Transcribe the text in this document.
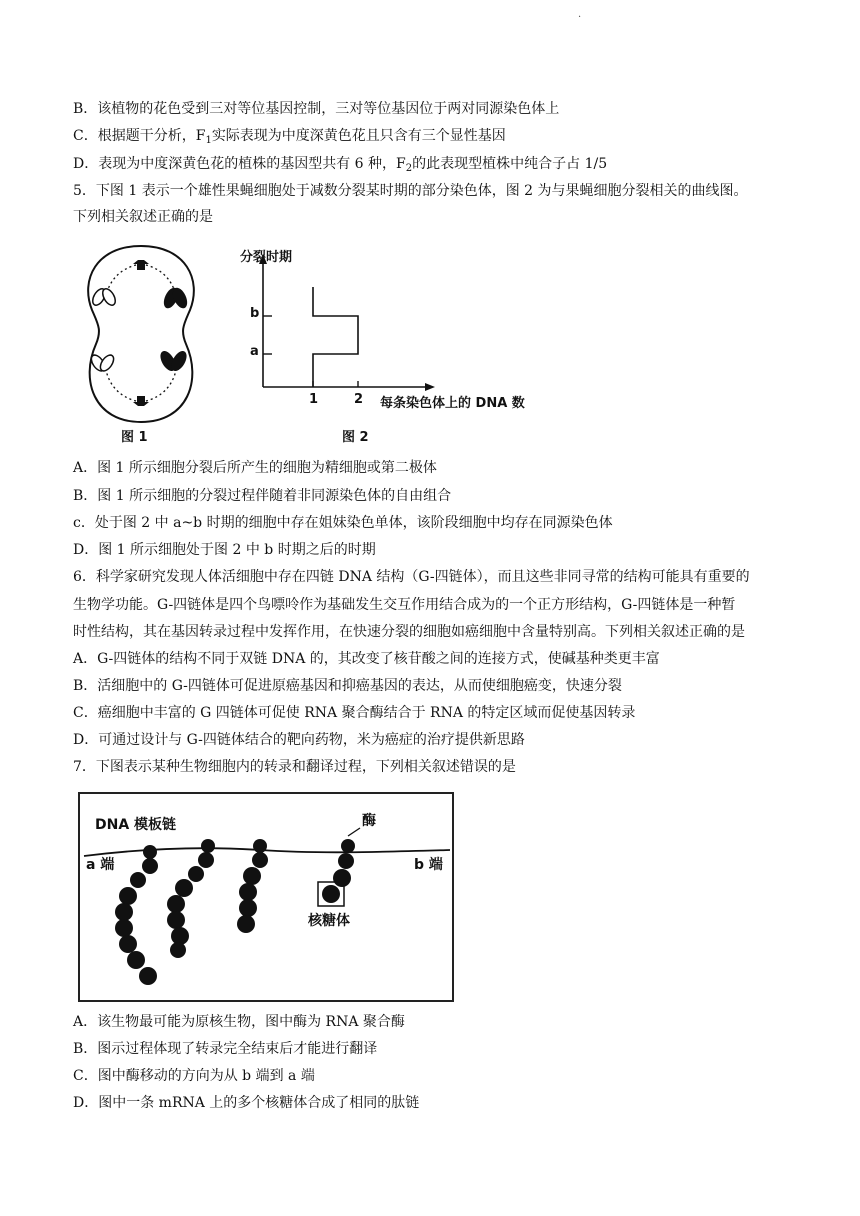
·
B．该植物的花色受到三对等位基因控制，三对等位基因位于两对同源染色体上
C．根据题干分析，$F_1$实际表现为中度深黄色花且只含有三个显性基因
D．表现为中度深黄色花的植株的基因型共有 6 种，$F_2$的此表现型植株中纯合子占 1/5
5．下图 1 表示一个雄性果蝇细胞处于减数分裂某时期的部分染色体，图 2 为与果蝇细胞分裂相关的曲线图。
下列相关叙述正确的是
图 1
分裂时期
b
a
1	2 每条染色体上的 DNA 数
图 2
A．图 1 所示细胞分裂后所产生的细胞为精细胞或第二极体
B．图 1 所示细胞的分裂过程伴随着非同源染色体的自由组合
c．处于图 2 中 a~b 时期的细胞中存在姐妹染色单体，该阶段细胞中均存在同源染色体
D．图 1 所示细胞处于图 2 中 b 时期之后的时期
6．科学家研究发现人体活细胞中存在四链 DNA 结构（G-四链体），而且这些非同寻常的结构可能具有重要的
生物学功能。G-四链体是四个鸟嘌呤作为基础发生交互作用结合成为的一个正方形结构，G-四链体是一种暂
时性结构，其在基因转录过程中发挥作用，在快速分裂的细胞如癌细胞中含量特别高。下列相关叙述正确的是
A．G-四链体的结构不同于双链 DNA 的，其改变了核苷酸之间的连接方式，使碱基种类更丰富
B．活细胞中的 G-四链体可促进原癌基因和抑癌基因的表达，从而使细胞癌变，快速分裂
C．癌细胞中丰富的 G 四链体可促使 RNA 聚合酶结合于 RNA 的特定区域而促使基因转录
D．可通过设计与 G-四链体结合的靶向药物，米为癌症的治疗提供新思路
7．下图表示某种生物细胞内的转录和翻译过程，下列相关叙述错误的是
DNA 模板链	酶
a 端	b 端
核糖体
A．该生物最可能为原核生物，图中酶为 RNA 聚合酶
B．图示过程体现了转录完全结束后才能进行翻译
C．图中酶移动的方向为从 b 端到 a 端
D．图中一条 mRNA 上的多个核糖体合成了相同的肽链
